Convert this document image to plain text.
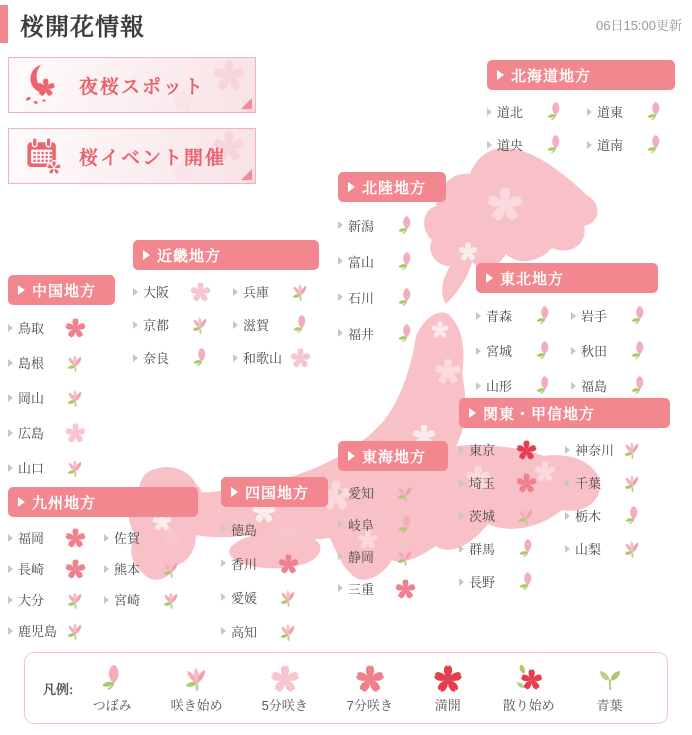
桜開花情報	06日15:00更新
夜桜スポット
桜イベント開催
北海道地方
道北	道東
道央	道南
北陸地方
新潟
富山
石川
福井
近畿地方
大阪	兵庫
京都	滋賀
奈良	和歌山
東北地方
青森	岩手
宮城	秋田
山形	福島
中国地方
鳥取
島根
岡山
広島
山口
関東・甲信地方
東京	神奈川
埼玉	千葉
茨城	栃木
群馬	山梨
長野
東海地方
愛知
岐阜
静岡
三重
四国地方
徳島
香川
愛媛
高知
九州地方
福岡	佐賀
長崎	熊本
大分	宮崎
鹿児島
凡例:
つぼみ	咲き始め	5分咲き	7分咲き	満開	散り始め	青葉
